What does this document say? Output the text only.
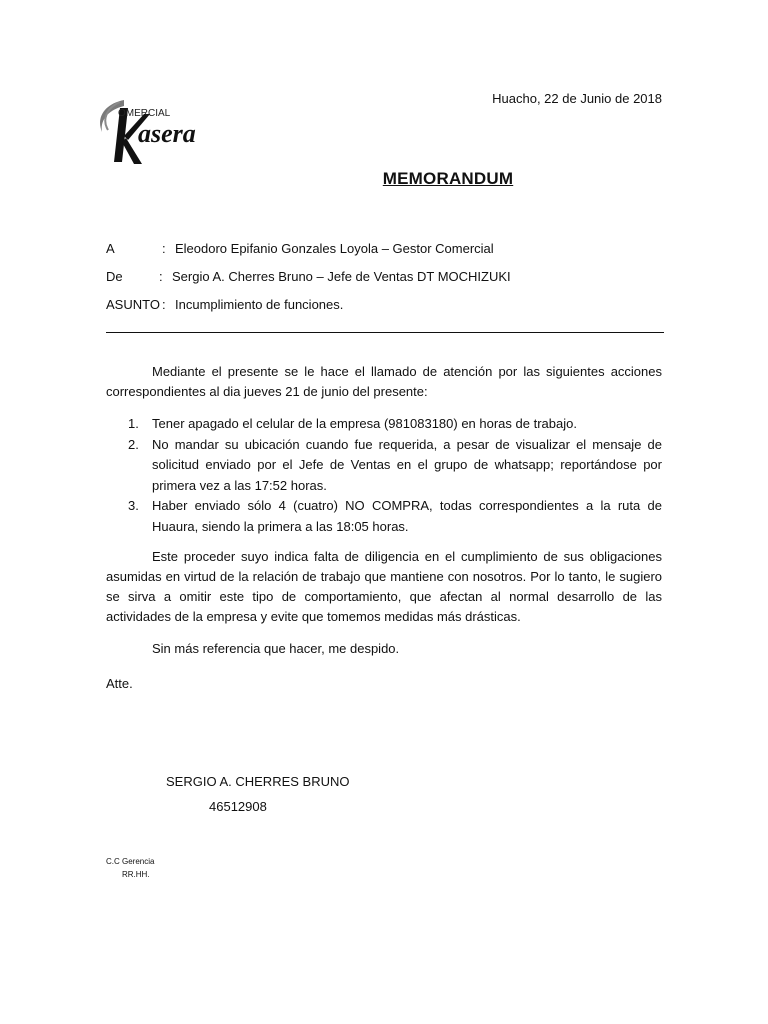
OMERCIAL
asera
Huacho, 22 de Junio de 2018
MEMORANDUM
A	: Eleodoro Epifanio Gonzales Loyola – Gestor Comercial
De	: Sergio A. Cherres Bruno – Jefe de Ventas DT MOCHIZUKI
ASUNTO : Incumplimiento de funciones.
Mediante el presente se le hace el llamado de atención por las siguientes acciones correspondientes al dia jueves 21 de junio del presente:
1. Tener apagado el celular de la empresa (981083180) en horas de trabajo.
2. No mandar su ubicación cuando fue requerida, a pesar de visualizar el mensaje de solicitud enviado por el Jefe de Ventas en el grupo de whatsapp; reportándose por primera vez a las 17:52 horas.
3. Haber enviado sólo 4 (cuatro) NO COMPRA, todas correspondientes a la ruta de Huaura, siendo la primera a las 18:05 horas.
Este proceder suyo indica falta de diligencia en el cumplimiento de sus obligaciones asumidas en virtud de la relación de trabajo que mantiene con nosotros. Por lo tanto, le sugiero se sirva a omitir este tipo de comportamiento, que afectan al normal desarrollo de las actividades de la empresa y evite que tomemos medidas más drásticas.
Sin más referencia que hacer, me despido.
Atte.
SERGIO A. CHERRES BRUNO
46512908
C.C Gerencia
RR.HH.
